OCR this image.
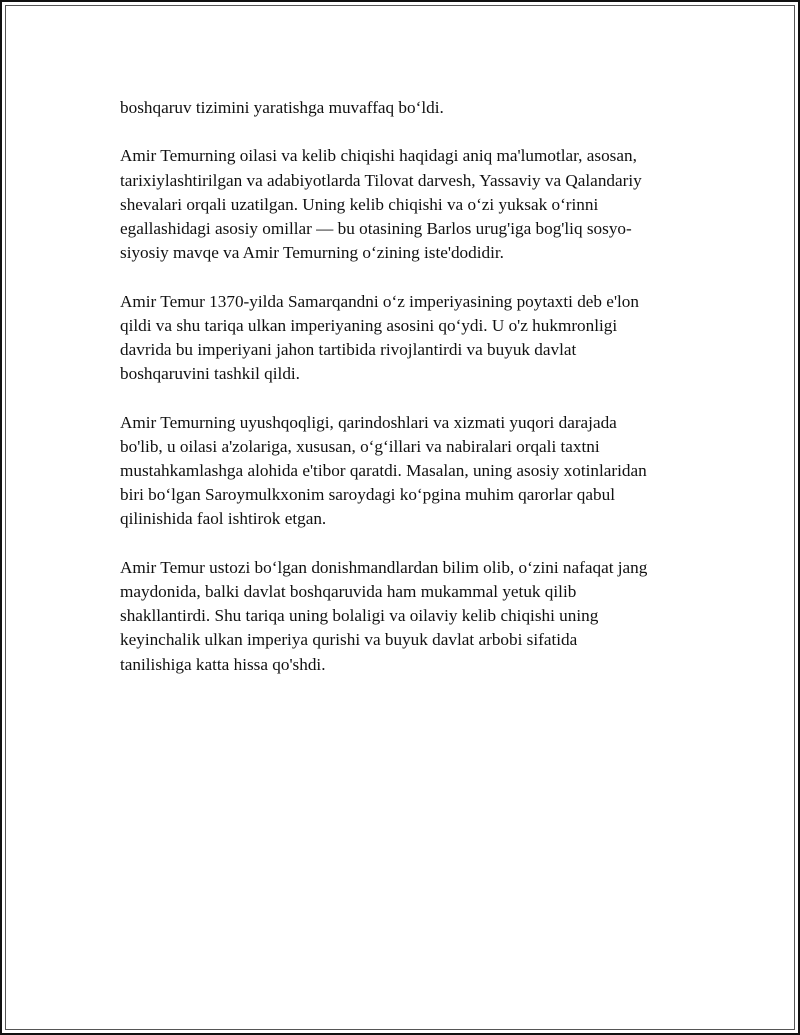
boshqaruv tizimini yaratishga muvaffaq bo‘ldi.

Amir Temurning oilasi va kelib chiqishi haqidagi aniq ma'lumotlar, asosan,
tarixiylashtirilgan va adabiyotlarda Tilovat darvesh, Yassaviy va Qalandariy
shevalari orqali uzatilgan. Uning kelib chiqishi va o‘zi yuksak o‘rinni
egallashidagi asosiy omillar — bu otasining Barlos urug'iga bog'liq sosyo-
siyosiy mavqe va Amir Temurning o‘zining iste'dodidir.

Amir Temur 1370-yilda Samarqandni o‘z imperiyasining poytaxti deb e'lon
qildi va shu tariqa ulkan imperiyaning asosini qo‘ydi. U o'z hukmronligi
davrida bu imperiyani jahon tartibida rivojlantirdi va buyuk davlat
boshqaruvini tashkil qildi.

Amir Temurning uyushqoqligi, qarindoshlari va xizmati yuqori darajada
bo'lib, u oilasi a'zolariga, xususan, o‘g‘illari va nabiralari orqali taxtni
mustahkamlashga alohida e'tibor qaratdi. Masalan, uning asosiy xotinlaridan
biri bo‘lgan Saroymulkxonim saroydagi ko‘pgina muhim qarorlar qabul
qilinishida faol ishtirok etgan.

Amir Temur ustozi bo‘lgan donishmandlardan bilim olib, o‘zini nafaqat jang
maydonida, balki davlat boshqaruvida ham mukammal yetuk qilib
shakllantirdi. Shu tariqa uning bolaligi va oilaviy kelib chiqishi uning
keyinchalik ulkan imperiya qurishi va buyuk davlat arbobi sifatida
tanilishiga katta hissa qo'shdi.
